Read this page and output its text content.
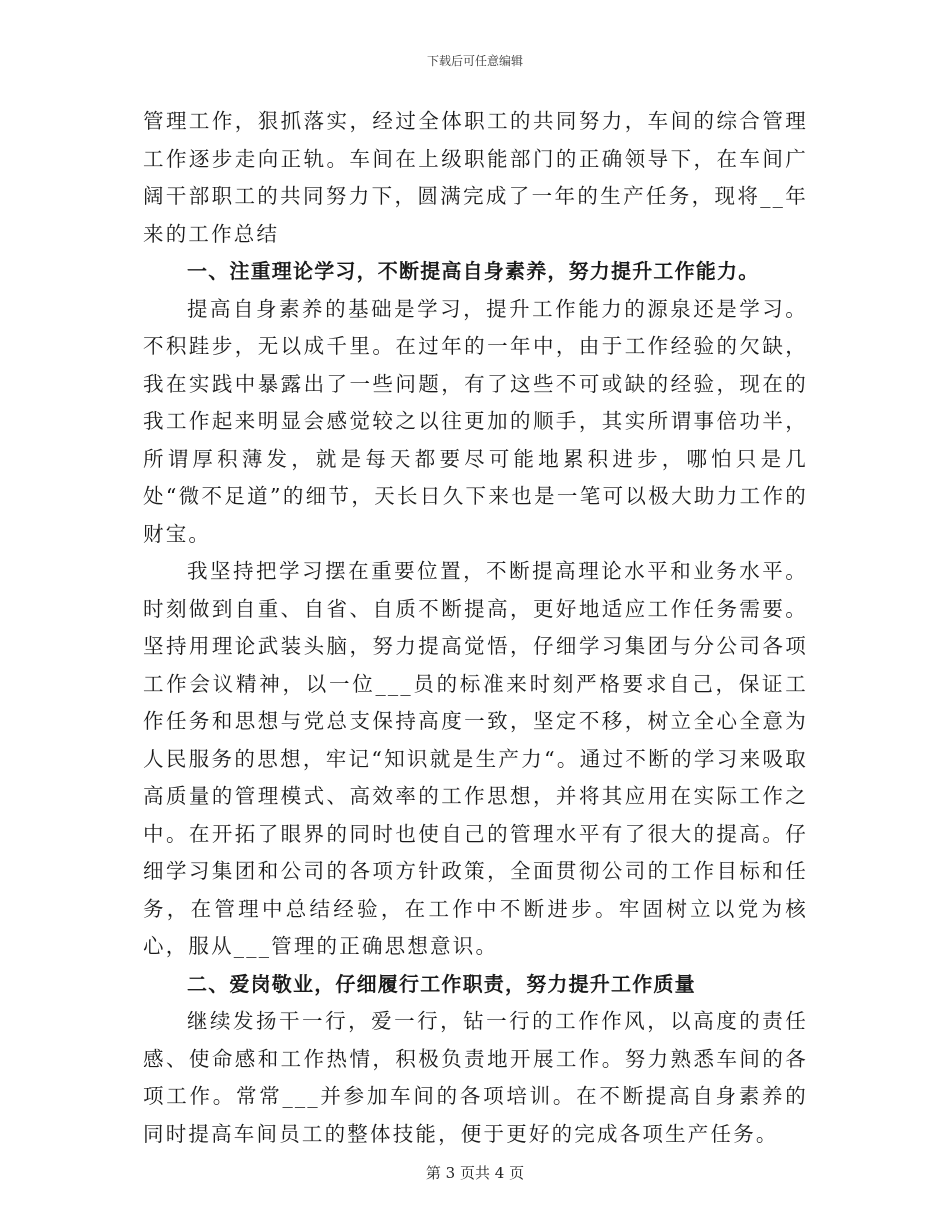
下载后可任意编辑

管理工作，狠抓落实，经过全体职工的共同努力，车间的综合管理工作逐步走向正轨。车间在上级职能部门的正确领导下，在车间广阔干部职工的共同努力下，圆满完成了一年的生产任务，现将__年来的工作总结

一、注重理论学习，不断提高自身素养，努力提升工作能力。

提高自身素养的基础是学习，提升工作能力的源泉还是学习。不积跬步，无以成千里。在过年的一年中，由于工作经验的欠缺，我在实践中暴露出了一些问题，有了这些不可或缺的经验，现在的我工作起来明显会感觉较之以往更加的顺手，其实所谓事倍功半，所谓厚积薄发，就是每天都要尽可能地累积进步，哪怕只是几处“微不足道”的细节，天长日久下来也是一笔可以极大助力工作的财宝。

我坚持把学习摆在重要位置，不断提高理论水平和业务水平。时刻做到自重、自省、自质不断提高，更好地适应工作任务需要。坚持用理论武装头脑，努力提高觉悟，仔细学习集团与分公司各项工作会议精神，以一位___员的标准来时刻严格要求自己，保证工作任务和思想与党总支保持高度一致，坚定不移，树立全心全意为人民服务的思想，牢记“知识就是生产力“。通过不断的学习来吸取高质量的管理模式、高效率的工作思想，并将其应用在实际工作之中。在开拓了眼界的同时也使自己的管理水平有了很大的提高。仔细学习集团和公司的各项方针政策，全面贯彻公司的工作目标和任务，在管理中总结经验，在工作中不断进步。牢固树立以党为核心，服从___管理的正确思想意识。

二、爱岗敬业，仔细履行工作职责，努力提升工作质量

继续发扬干一行，爱一行，钻一行的工作作风，以高度的责任感、使命感和工作热情，积极负责地开展工作。努力熟悉车间的各项工作。常常___并参加车间的各项培训。在不断提高自身素养的同时提高车间员工的整体技能，便于更好的完成各项生产任务。

第 3 页共 4 页
